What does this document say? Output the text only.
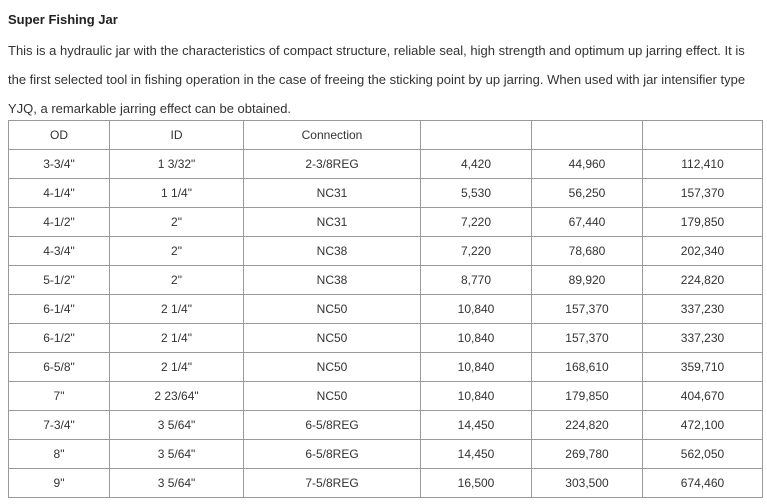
Super Fishing Jar

This is a hydraulic jar with the characteristics of compact structure, reliable seal, high strength and optimum up jarring effect. It is the first selected tool in fishing operation in the case of freeing the sticking point by up jarring. When used with jar intensifier type YJQ, a remarkable jarring effect can be obtained.

OD	ID	Connection			
3-3/4"	1 3/32"	2-3/8REG	4,420	44,960	112,410
4-1/4"	1 1/4"	NC31	5,530	56,250	157,370
4-1/2"	2"	NC31	7,220	67,440	179,850
4-3/4"	2"	NC38	7,220	78,680	202,340
5-1/2"	2"	NC38	8,770	89,920	224,820
6-1/4"	2 1/4"	NC50	10,840	157,370	337,230
6-1/2"	2 1/4"	NC50	10,840	157,370	337,230
6-5/8"	2 1/4"	NC50	10,840	168,610	359,710
7"	2 23/64"	NC50	10,840	179,850	404,670
7-3/4"	3 5/64"	6-5/8REG	14,450	224,820	472,100
8"	3 5/64"	6-5/8REG	14,450	269,780	562,050
9"	3 5/64"	7-5/8REG	16,500	303,500	674,460
